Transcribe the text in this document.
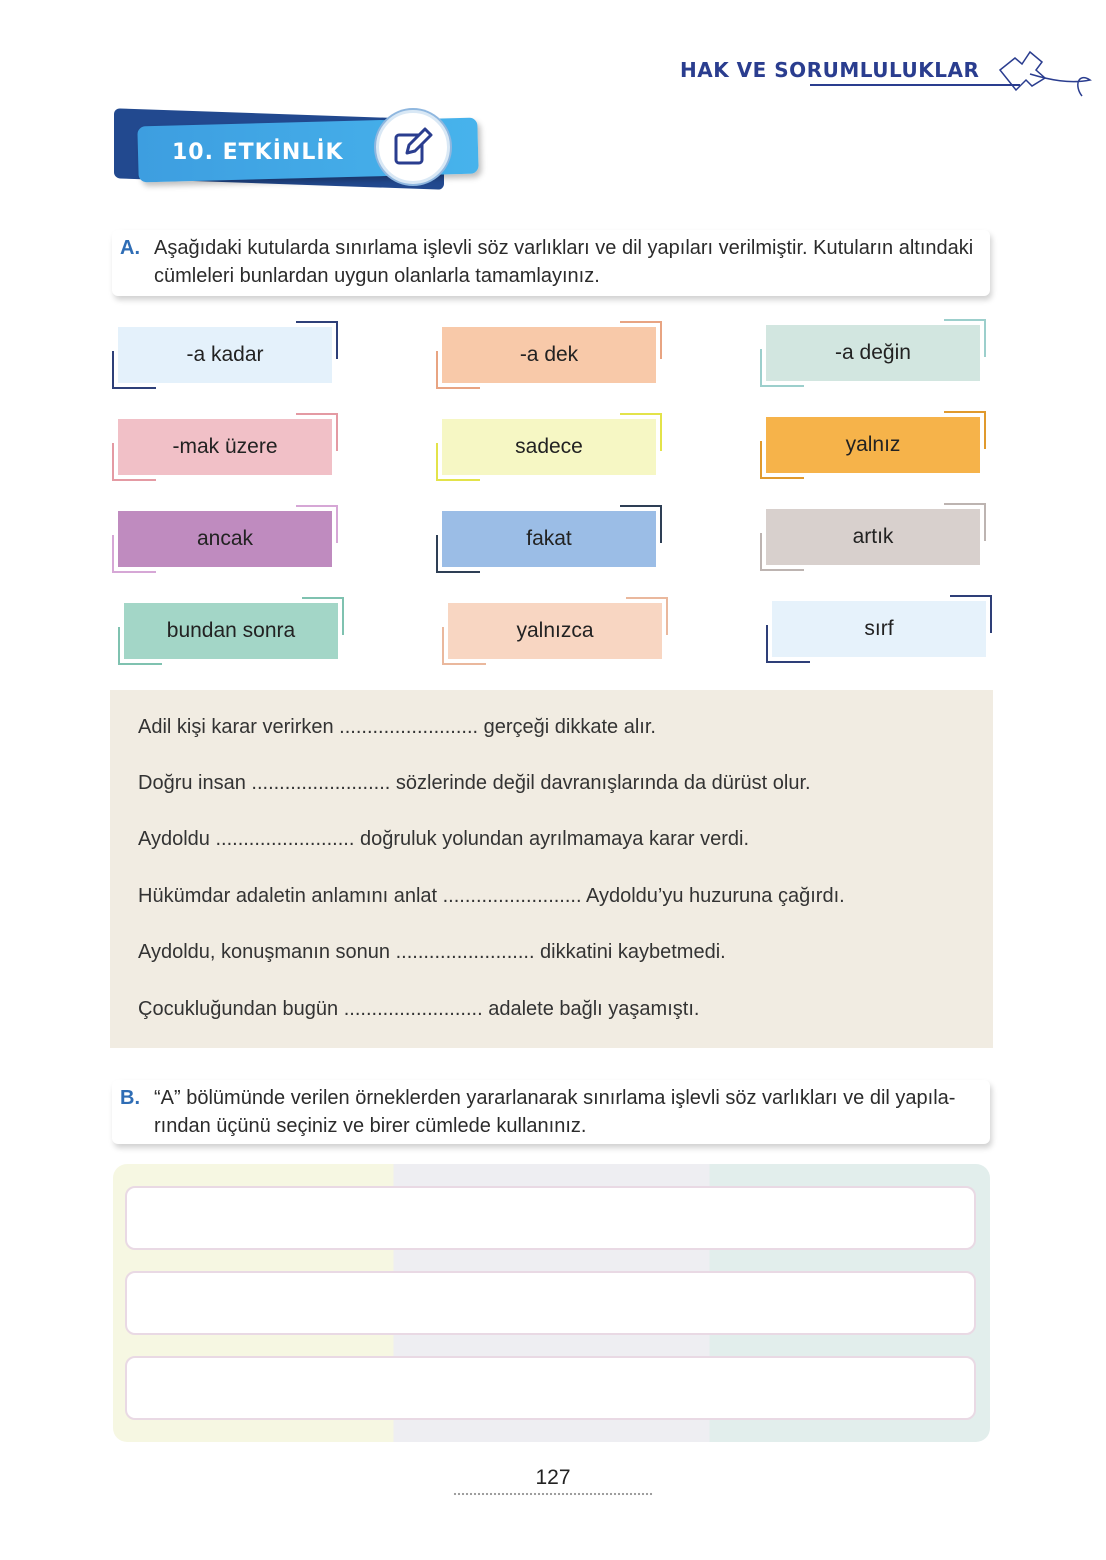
HAK VE SORUMLULUKLAR
10. ETKİNLİK
A. Aşağıdaki kutularda sınırlama işlevli söz varlıkları ve dil yapıları verilmiştir. Kutuların altındaki
cümleleri bunlardan uygun olanlarla tamamlayınız.
-a kadar	-a dek	-a değin
-mak üzere	sadece	yalnız
ancak	fakat	artık
bundan sonra	yalnızca	sırf
Adil kişi karar verirken ......................... gerçeği dikkate alır.
Doğru insan ......................... sözlerinde değil davranışlarında da dürüst olur.
Aydoldu ......................... doğruluk yolundan ayrılmamaya karar verdi.
Hükümdar adaletin anlamını anlat ......................... Aydoldu’yu huzuruna çağırdı.
Aydoldu, konuşmanın sonun ......................... dikkatini kaybetmedi.
Çocukluğundan bugün ......................... adalete bağlı yaşamıştı.
B. “A” bölümünde verilen örneklerden yararlanarak sınırlama işlevli söz varlıkları ve dil yapıla-
rından üçünü seçiniz ve birer cümlede kullanınız.
127
